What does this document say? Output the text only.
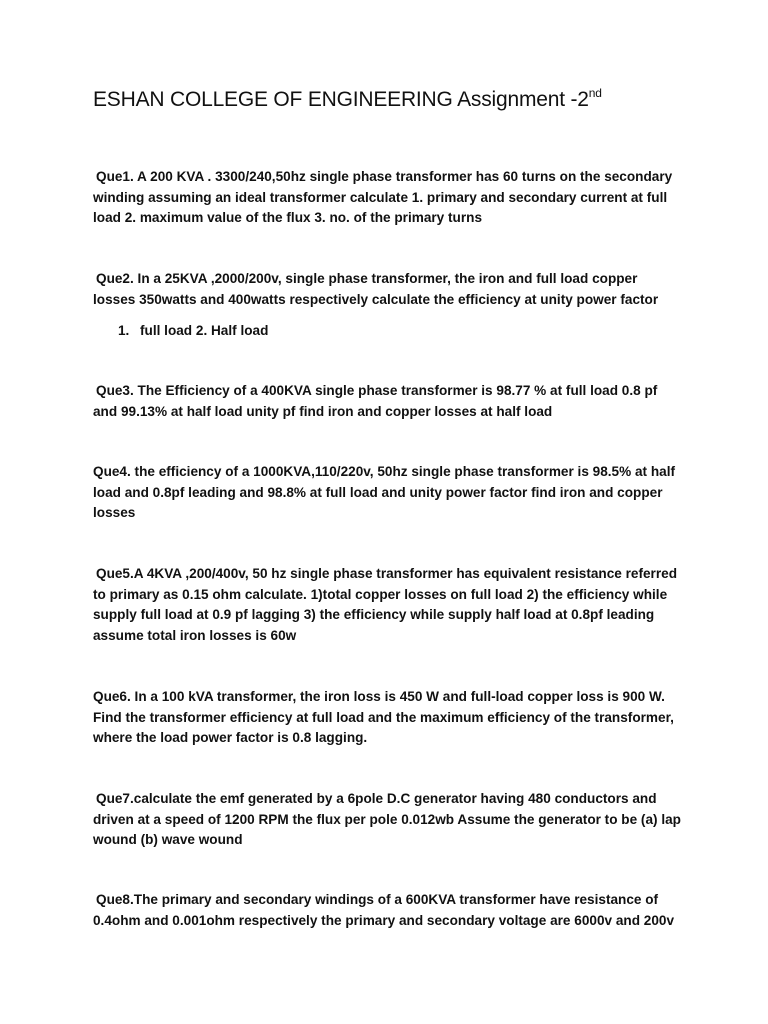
ESHAN COLLEGE OF ENGINEERING Assignment -2nd
Que1. A 200 KVA . 3300/240,50hz single phase transformer has 60 turns on the secondary winding assuming an ideal transformer calculate 1. primary and secondary current at full load 2. maximum value of the flux 3. no. of the primary turns
Que2. In a 25KVA ,2000/200v, single phase transformer, the iron and full load copper losses 350watts and 400watts respectively calculate the efficiency at unity power factor
1. full load 2. Half load
Que3. The Efficiency of a 400KVA single phase transformer is 98.77 % at full load 0.8 pf and 99.13% at half load unity pf find iron and copper losses at half load
Que4. the efficiency of a 1000KVA,110/220v, 50hz single phase transformer is 98.5% at half load and 0.8pf leading and 98.8% at full load and unity power factor find iron and copper losses
Que5.A 4KVA ,200/400v, 50 hz single phase transformer has equivalent resistance referred to primary as 0.15 ohm calculate. 1)total copper losses on full load 2) the efficiency while supply full load at 0.9 pf lagging 3) the efficiency while supply half load at 0.8pf leading assume total iron losses is 60w
Que6. In a 100 kVA transformer, the iron loss is 450 W and full-load copper loss is 900 W. Find the transformer efficiency at full load and the maximum efficiency of the transformer, where the load power factor is 0.8 lagging.
Que7.calculate the emf generated by a 6pole D.C generator having 480 conductors and driven at a speed of 1200 RPM the flux per pole 0.012wb Assume the generator to be (a) lap wound (b) wave wound
Que8.The primary and secondary windings of a 600KVA transformer have resistance of 0.4ohm and 0.001ohm respectively the primary and secondary voltage are 6000v and 200v
